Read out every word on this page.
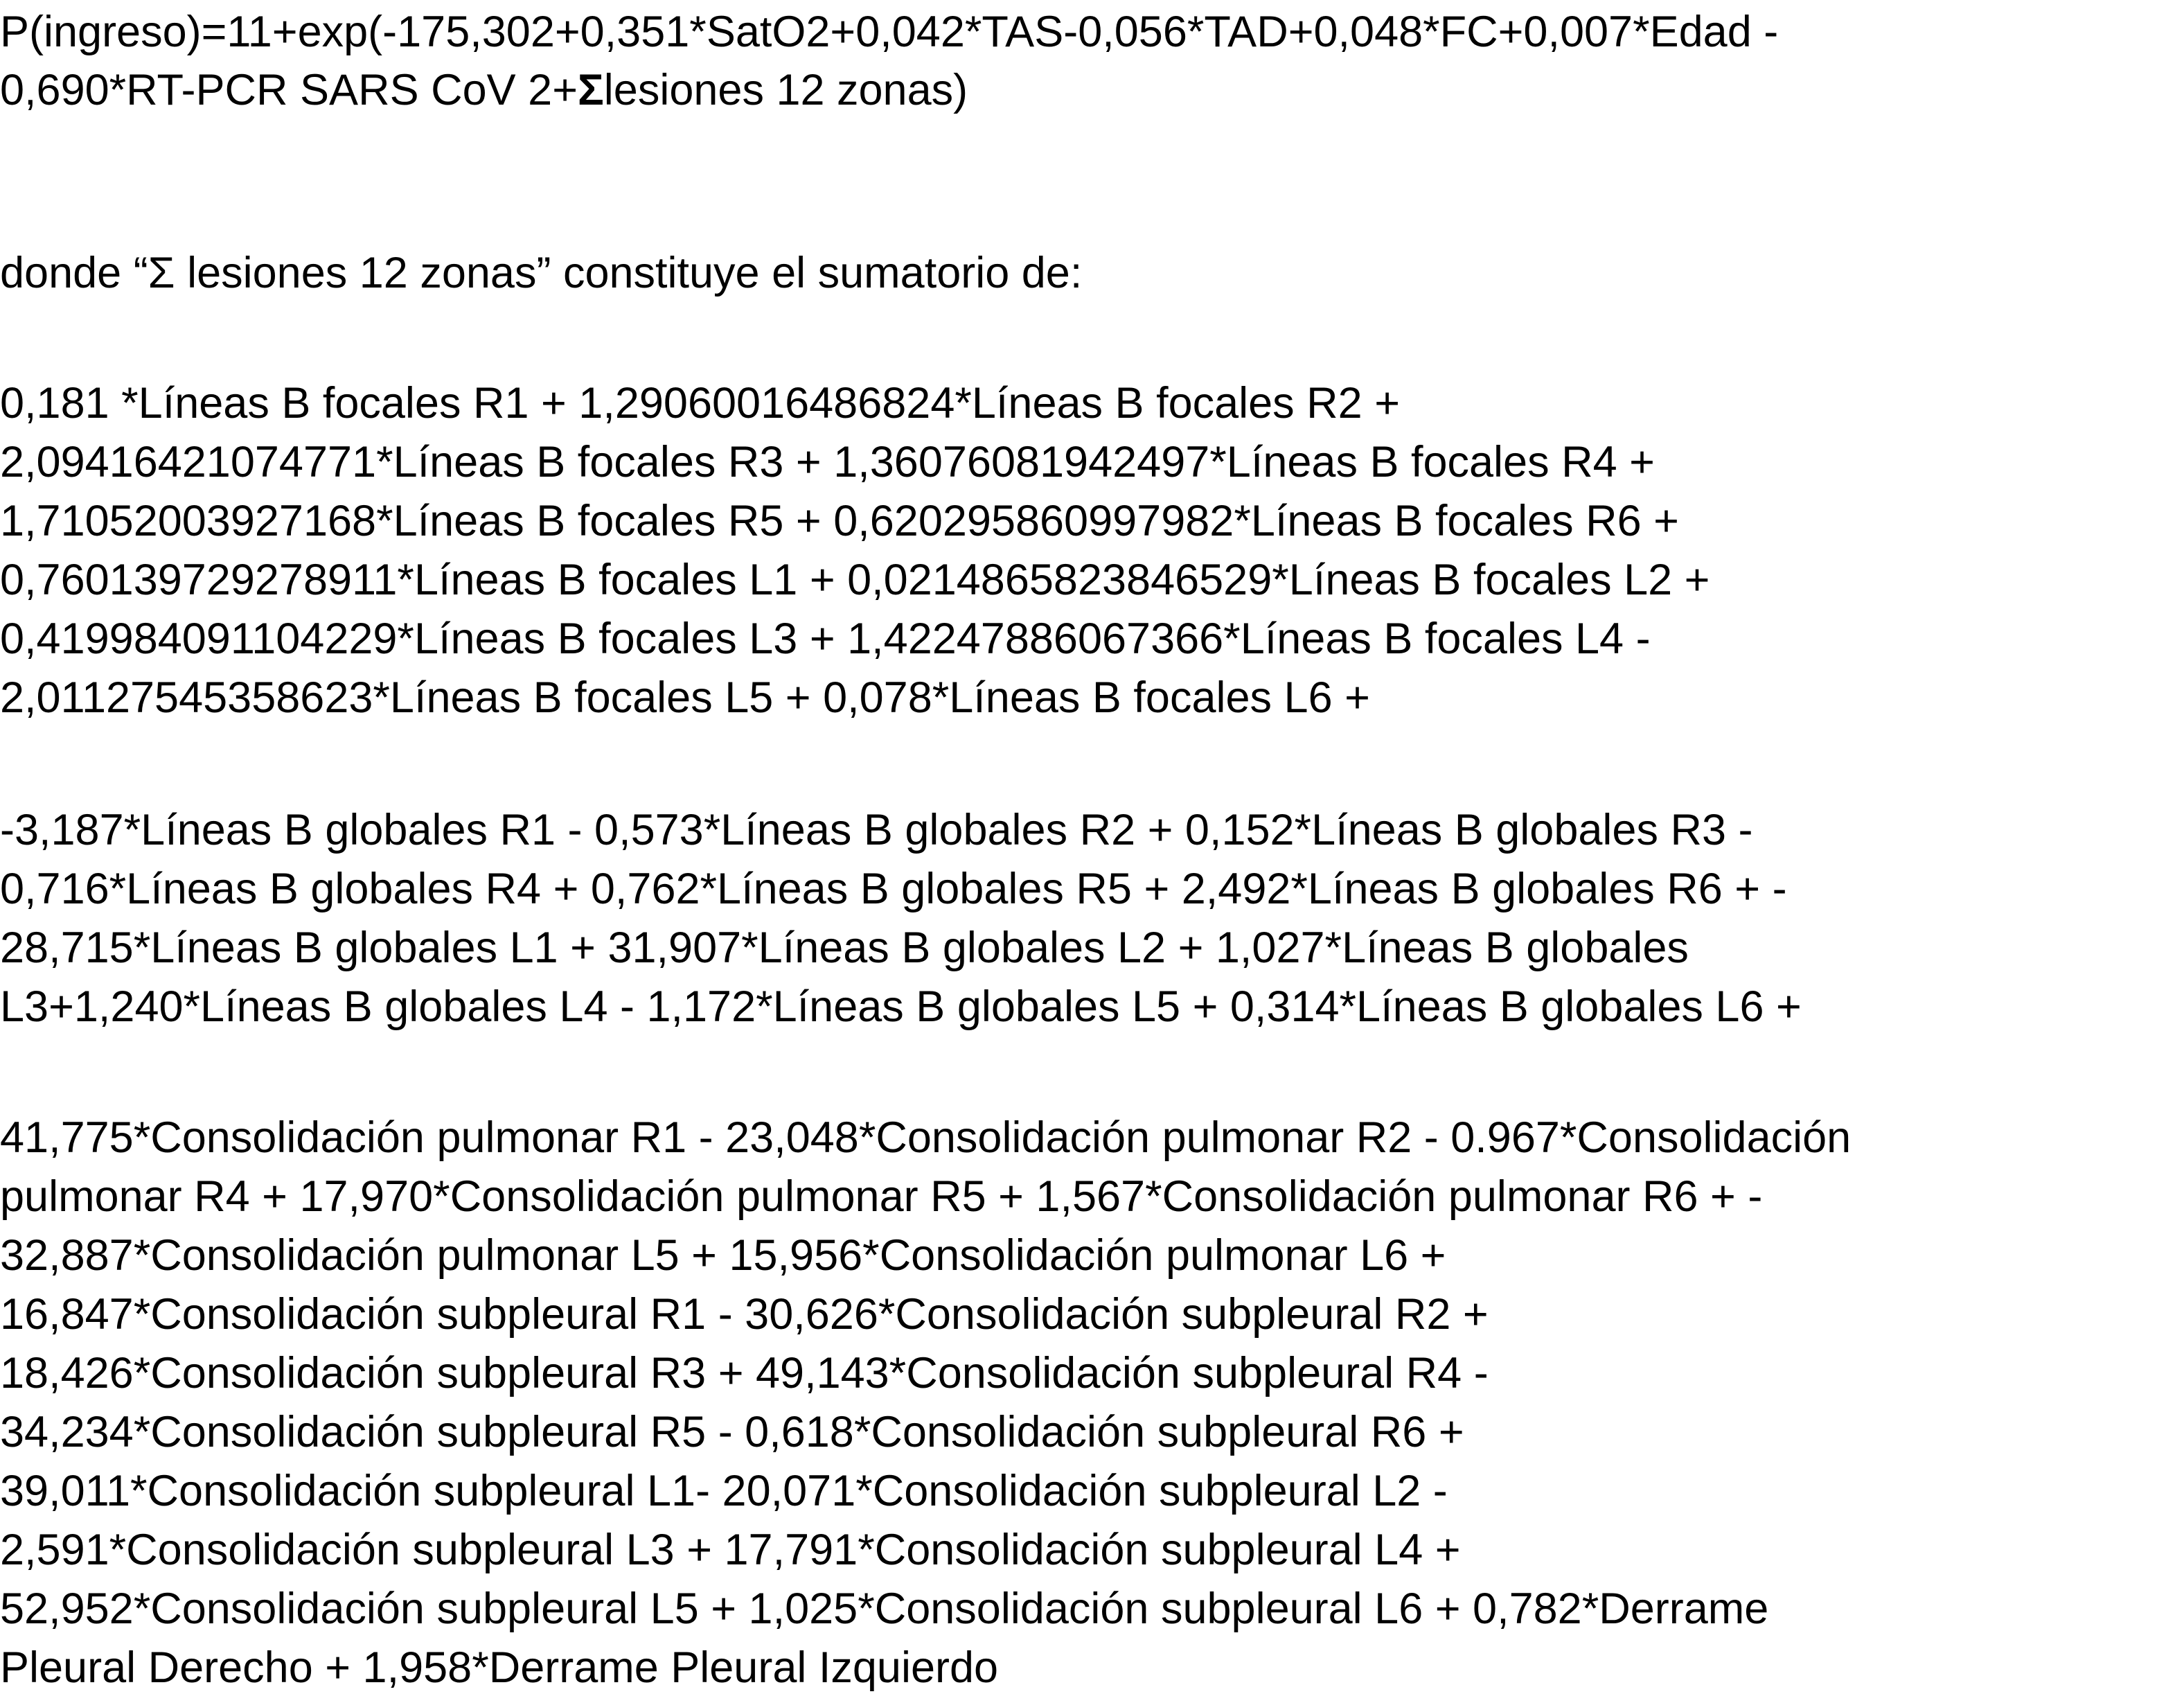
P(ingreso)=11+exp(-175,302+0,351*SatO2+0,042*TAS-0,056*TAD+0,048*FC+0,007*Edad -
0,690*RT-PCR SARS CoV 2+Σlesiones 12 zonas)
donde “Σ lesiones 12 zonas” constituye el sumatorio de:
0,181 *Líneas B focales R1 + 1,29060016486824*Líneas B focales R2 +
2,09416421074771*Líneas B focales R3 + 1,36076081942497*Líneas B focales R4 +
1,71052003927168*Líneas B focales R5 + 0,620295860997982*Líneas B focales R6 +
0,760139729278911*Líneas B focales L1 + 0,0214865823846529*Líneas B focales L2 +
0,419984091104229*Líneas B focales L3 + 1,42247886067366*Líneas B focales L4 -
2,01127545358623*Líneas B focales L5 + 0,078*Líneas B focales L6 +
-3,187*Líneas B globales R1 - 0,573*Líneas B globales R2 + 0,152*Líneas B globales R3 -
0,716*Líneas B globales R4 + 0,762*Líneas B globales R5 + 2,492*Líneas B globales R6 + -
28,715*Líneas B globales L1 + 31,907*Líneas B globales L2 + 1,027*Líneas B globales
L3+1,240*Líneas B globales L4 - 1,172*Líneas B globales L5 + 0,314*Líneas B globales L6 +
41,775*Consolidación pulmonar R1 - 23,048*Consolidación pulmonar R2 - 0.967*Consolidación
pulmonar R4 + 17,970*Consolidación pulmonar R5 + 1,567*Consolidación pulmonar R6 + -
32,887*Consolidación pulmonar L5 + 15,956*Consolidación pulmonar L6 +
16,847*Consolidación subpleural R1 - 30,626*Consolidación subpleural R2 +
18,426*Consolidación subpleural R3 + 49,143*Consolidación subpleural R4 -
34,234*Consolidación subpleural R5 - 0,618*Consolidación subpleural R6 +
39,011*Consolidación subpleural L1- 20,071*Consolidación subpleural L2 -
2,591*Consolidación subpleural L3 + 17,791*Consolidación subpleural L4 +
52,952*Consolidación subpleural L5 + 1,025*Consolidación subpleural L6 + 0,782*Derrame
Pleural Derecho + 1,958*Derrame Pleural Izquierdo
